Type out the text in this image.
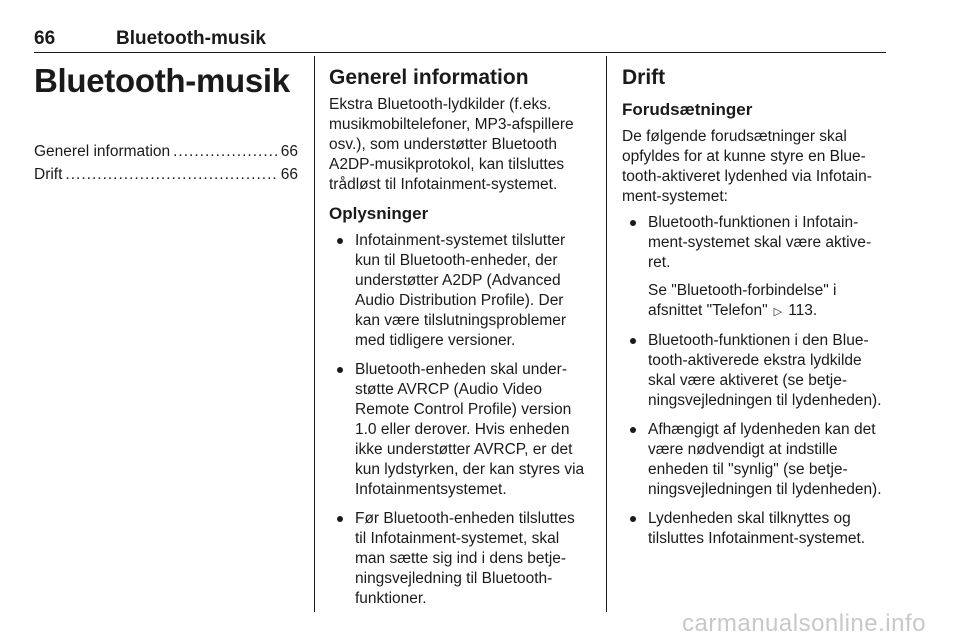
66	Bluetooth-musik
Bluetooth-musik
Generel information .....	66
Drift .....	66
Generel information

Ekstra Bluetooth-lydkilder (f.eks. musikmobiltelefoner, MP3-afspillere osv.), som understøtter Bluetooth A2DP-musikprotokol, kan tilsluttes trådløst til Infotainment-systemet.

Oplysninger
Infotainment-systemet tilslutter kun til Bluetooth-enheder, der understøtter A2DP (Advanced Audio Distribution Profile). Der kan være tilslutningsproblemer med tidligere versioner.
Bluetooth-enheden skal understøtte AVRCP (Audio Video Remote Control Profile) version 1.0 eller derover. Hvis enheden ikke understøtter AVRCP, er det kun lydstyrken, der kan styres via Infotainmentsystemet.
Før Bluetooth-enheden tilsluttes til Infotainment-systemet, skal man sætte sig ind i dens betjeningsvejledning til Bluetooth-funktioner.
Drift
Forudsætninger

De følgende forudsætninger skal opfyldes for at kunne styre en Bluetooth-aktiveret lydenhed via Infotainment-systemet:

Bluetooth-funktionen i Infotainment-systemet skal være aktiveret.
Se "Bluetooth-forbindelse" i afsnittet "Telefon" ▷ 113.
Bluetooth-funktionen i den Bluetooth-aktiverede ekstra lydkilde skal være aktiveret (se betjeningsvejledningen til lydenheden).
Afhængigt af lydenheden kan det være nødvendigt at indstille enheden til "synlig" (se betjeningsvejledningen til lydenheden).
Lydenheden skal tilknyttes og tilsluttes Infotainment-systemet.
carmanualsonline.info
